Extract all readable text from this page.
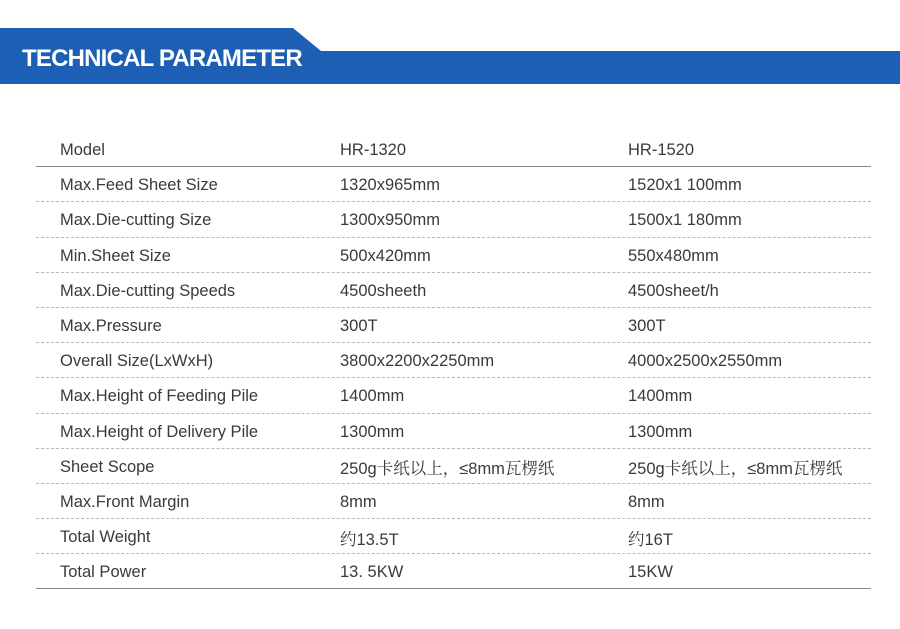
TECHNICAL PARAMETER
Model	HR-1320	HR-1520
Max.Feed Sheet Size	1320x965mm	1520x1 100mm
Max.Die-cutting Size	1300x950mm	1500x1 180mm
Min.Sheet Size	500x420mm	550x480mm
Max.Die-cutting Speeds	4500sheeth	4500sheet/h
Max.Pressure	300T	300T
Overall Size(LxWxH)	3800x2200x2250mm	4000x2500x2550mm
Max.Height of Feeding Pile	1400mm	1400mm
Max.Height of Delivery Pile	1300mm	1300mm
Sheet Scope	250g卡纸以上，≤8mm瓦楞纸	250g卡纸以上，≤8mm瓦楞纸
Max.Front Margin	8mm	8mm
Total Weight	约13.5T	约16T
Total Power	13. 5KW	15KW
